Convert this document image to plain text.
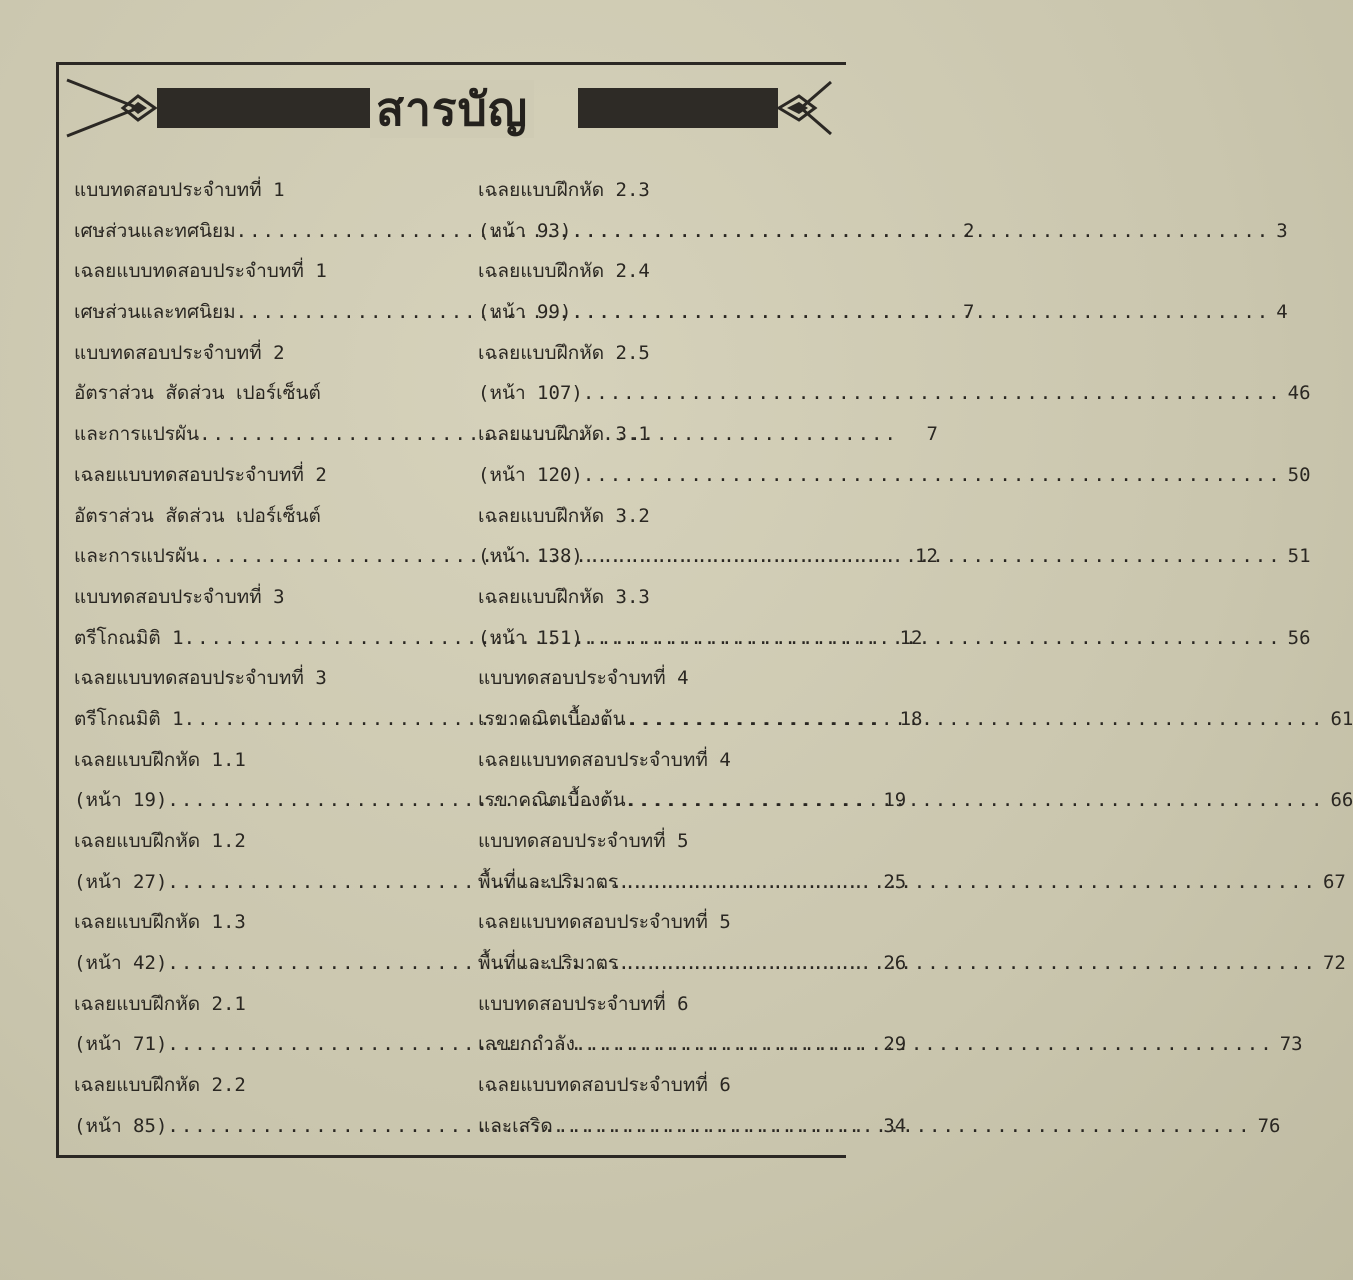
สารบัญ
แบบทดสอบประจำบทที่ 1
เศษส่วนและทศนิยม .....	2
เฉลยแบบทดสอบประจำบทที่ 1
เศษส่วนและทศนิยม .....	7
แบบทดสอบประจำบทที่ 2
อัตราส่วน สัดส่วน เปอร์เซ็นต์
และการแปรผัน .....	7
เฉลยแบบทดสอบประจำบทที่ 2
อัตราส่วน สัดส่วน เปอร์เซ็นต์
และการแปรผัน .....	12
แบบทดสอบประจำบทที่ 3
ตรีโกณมิติ 1 .....	12
เฉลยแบบทดสอบประจำบทที่ 3
ตรีโกณมิติ 1 .....	18
เฉลยแบบฝึกหัด 1.1
(หน้า 19) .....	19
เฉลยแบบฝึกหัด 1.2
(หน้า 27) .....	25
เฉลยแบบฝึกหัด 1.3
(หน้า 42) .....	26
เฉลยแบบฝึกหัด 2.1
(หน้า 71) .....	29
เฉลยแบบฝึกหัด 2.2
(หน้า 85) .....	34
เฉลยแบบฝึกหัด 2.3
(หน้า 93) .....	3
เฉลยแบบฝึกหัด 2.4
(หน้า 99) .....	4
เฉลยแบบฝึกหัด 2.5
(หน้า 107) .....	46
เฉลยแบบฝึกหัด 3.1
(หน้า 120) .....	50
เฉลยแบบฝึกหัด 3.2
(หน้า 138) .....	51
เฉลยแบบฝึกหัด 3.3
(หน้า 151) .....	56
แบบทดสอบประจำบทที่ 4
เรขาคณิตเบื้องต้น .....	61
เฉลยแบบทดสอบประจำบทที่ 4
เรขาคณิตเบื้องต้น .....	66
แบบทดสอบประจำบทที่ 5
พื้นที่และปริมาตร .....	67
เฉลยแบบทดสอบประจำบทที่ 5
พื้นที่และปริมาตร .....	72
แบบทดสอบประจำบทที่ 6
เลขยกกำลัง .....	73
เฉลยแบบทดสอบประจำบทที่ 6
และเสริด .....	76
